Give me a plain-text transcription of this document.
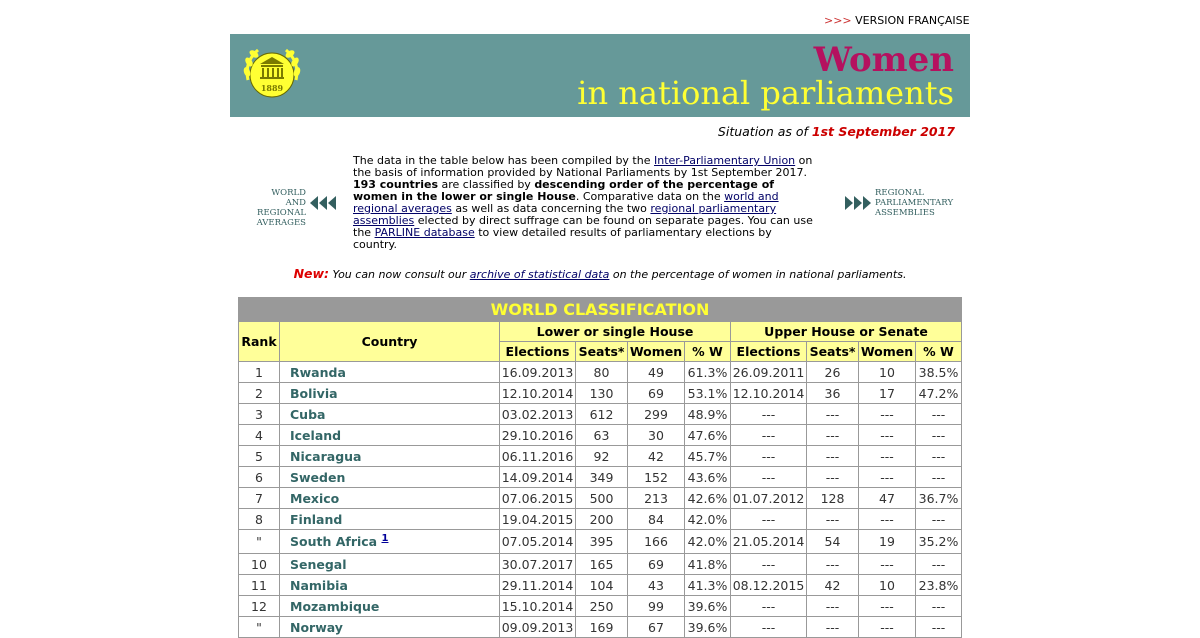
>>> VERSION FRANÇAISE
1889
Women
in national parliaments
Situation as of 1st September 2017
WORLD
AND REGIONAL
AVERAGES
The data in the table below has been compiled by the Inter-Parliamentary Union on the basis of information provided by National Parliaments by 1st September 2017. 193 countries are classified by descending order of the percentage of women in the lower or single House. Comparative data on the world and regional averages as well as data concerning the two regional parliamentary assemblies elected by direct suffrage can be found on separate pages. You can use the PARLINE database to view detailed results of parliamentary elections by country.
REGIONAL
PARLIAMENTARY
ASSEMBLIES
New: You can now consult our archive of statistical data on the percentage of women in national parliaments.
WORLD CLASSIFICATION									
Rank	Country	Lower or single House				Upper House or Senate			
		Elections	Seats*	Women	% W	Elections	Seats*	Women	% W
1	Rwanda	16.09.2013	80	49	61.3%	26.09.2011	26	10	38.5%
2	Bolivia	12.10.2014	130	69	53.1%	12.10.2014	36	17	47.2%
3	Cuba	03.02.2013	612	299	48.9%	---	---	---	---
4	Iceland	29.10.2016	63	30	47.6%	---	---	---	---
5	Nicaragua	06.11.2016	92	42	45.7%	---	---	---	---
6	Sweden	14.09.2014	349	152	43.6%	---	---	---	---
7	Mexico	07.06.2015	500	213	42.6%	01.07.2012	128	47	36.7%
8	Finland	19.04.2015	200	84	42.0%	---	---	---	---
"	South Africa $^1$	07.05.2014	395	166	42.0%	21.05.2014	54	19	35.2%
10	Senegal	30.07.2017	165	69	41.8%	---	---	---	---
11	Namibia	29.11.2014	104	43	41.3%	08.12.2015	42	10	23.8%
12	Mozambique	15.10.2014	250	99	39.6%	---	---	---	---
"	Norway	09.09.2013	169	67	39.6%	---	---	---	---
